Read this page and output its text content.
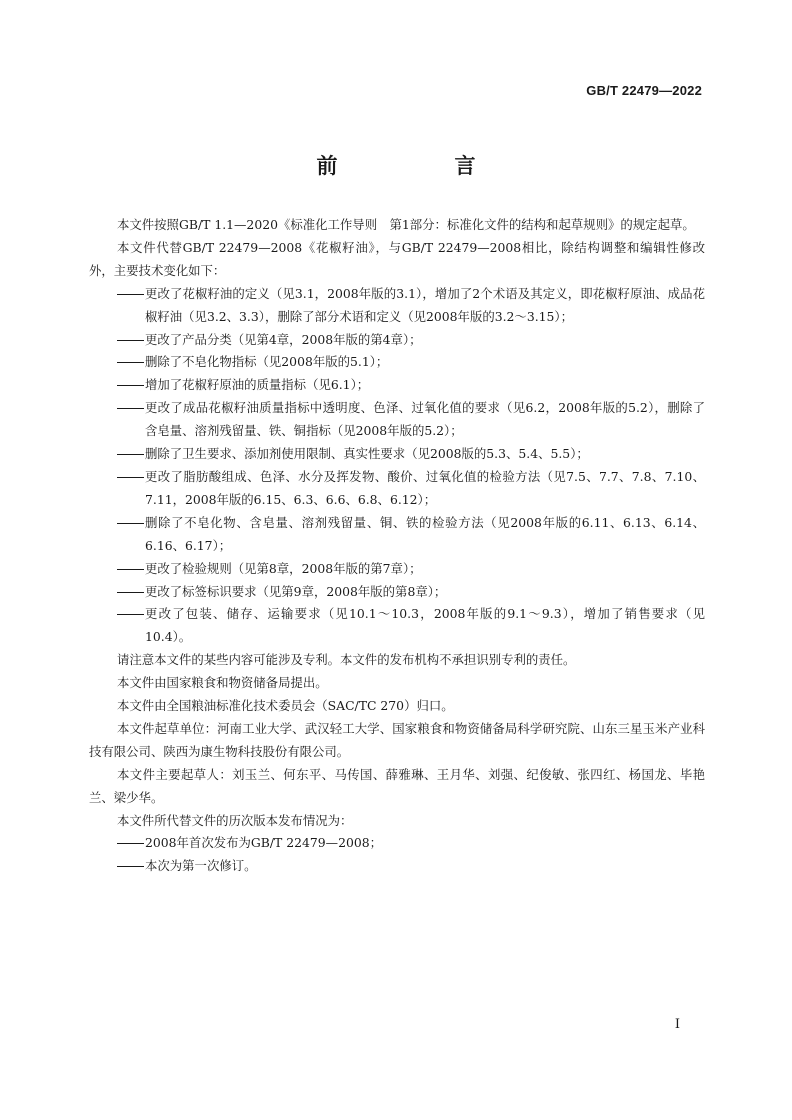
GB/T 22479—2022
前　言
本文件按照GB/T 1.1—2020《标准化工作导则　第1部分：标准化文件的结构和起草规则》的规定起草。
本文件代替GB/T 22479—2008《花椒籽油》，与GB/T 22479—2008相比，除结构调整和编辑性修改外，主要技术变化如下：
更改了花椒籽油的定义（见3.1，2008年版的3.1），增加了2个术语及其定义，即花椒籽原油、成品花椒籽油（见3.2、3.3），删除了部分术语和定义（见2008年版的3.2～3.15）；
更改了产品分类（见第4章，2008年版的第4章）；
删除了不皂化物指标（见2008年版的5.1）；
增加了花椒籽原油的质量指标（见6.1）；
更改了成品花椒籽油质量指标中透明度、色泽、过氧化值的要求（见6.2，2008年版的5.2），删除了含皂量、溶剂残留量、铁、铜指标（见2008年版的5.2）；
删除了卫生要求、添加剂使用限制、真实性要求（见2008版的5.3、5.4、5.5）；
更改了脂肪酸组成、色泽、水分及挥发物、酸价、过氧化值的检验方法（见7.5、7.7、7.8、7.10、7.11，2008年版的6.15、6.3、6.6、6.8、6.12）；
删除了不皂化物、含皂量、溶剂残留量、铜、铁的检验方法（见2008年版的6.11、6.13、6.14、6.16、6.17）；
更改了检验规则（见第8章，2008年版的第7章）；
更改了标签标识要求（见第9章，2008年版的第8章）；
更改了包装、储存、运输要求（见10.1～10.3，2008年版的9.1～9.3），增加了销售要求（见10.4）。
请注意本文件的某些内容可能涉及专利。本文件的发布机构不承担识别专利的责任。
本文件由国家粮食和物资储备局提出。
本文件由全国粮油标准化技术委员会（SAC/TC 270）归口。
本文件起草单位：河南工业大学、武汉轻工大学、国家粮食和物资储备局科学研究院、山东三星玉米产业科技有限公司、陕西为康生物科技股份有限公司。
本文件主要起草人：刘玉兰、何东平、马传国、薛雅琳、王月华、刘强、纪俊敏、张四红、杨国龙、毕艳兰、梁少华。
本文件所代替文件的历次版本发布情况为：
2008年首次发布为GB/T 22479—2008；
本次为第一次修订。
I
